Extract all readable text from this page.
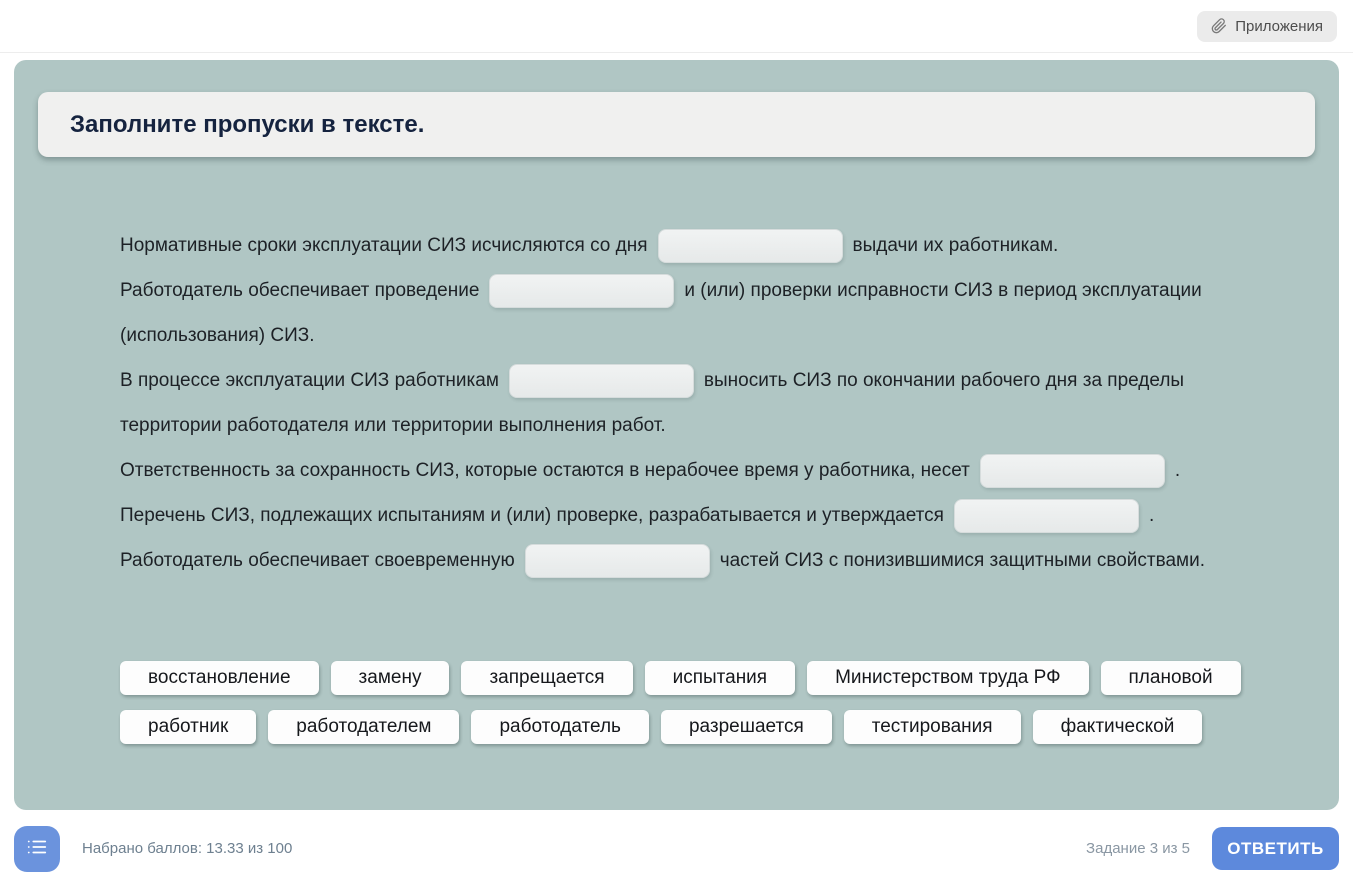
Приложения
Заполните пропуски в тексте.

Нормативные сроки эксплуатации СИЗ исчисляются со дня	выдачи их работникам.

Работодатель обеспечивает проведение	и (или) проверки исправности СИЗ в период эксплуатации (использования) СИЗ.

В процессе эксплуатации СИЗ работникам	выносить СИЗ по окончании рабочего дня за пределы территории работодателя или территории выполнения работ.

Ответственность за сохранность СИЗ, которые остаются в нерабочее время у работника, несет	.

Перечень СИЗ, подлежащих испытаниям и (или) проверке, разрабатывается и утверждается	.

Работодатель обеспечивает своевременную	частей СИЗ с понизившимися защитными свойствами.

восстановление	замену	запрещается	испытания	Министерством труда РФ	плановой
работник	работодателем	работодатель	разрешается	тестирования	фактической
Набрано баллов: 13.33 из 100	Задание 3 из 5	ОТВЕТИТЬ
